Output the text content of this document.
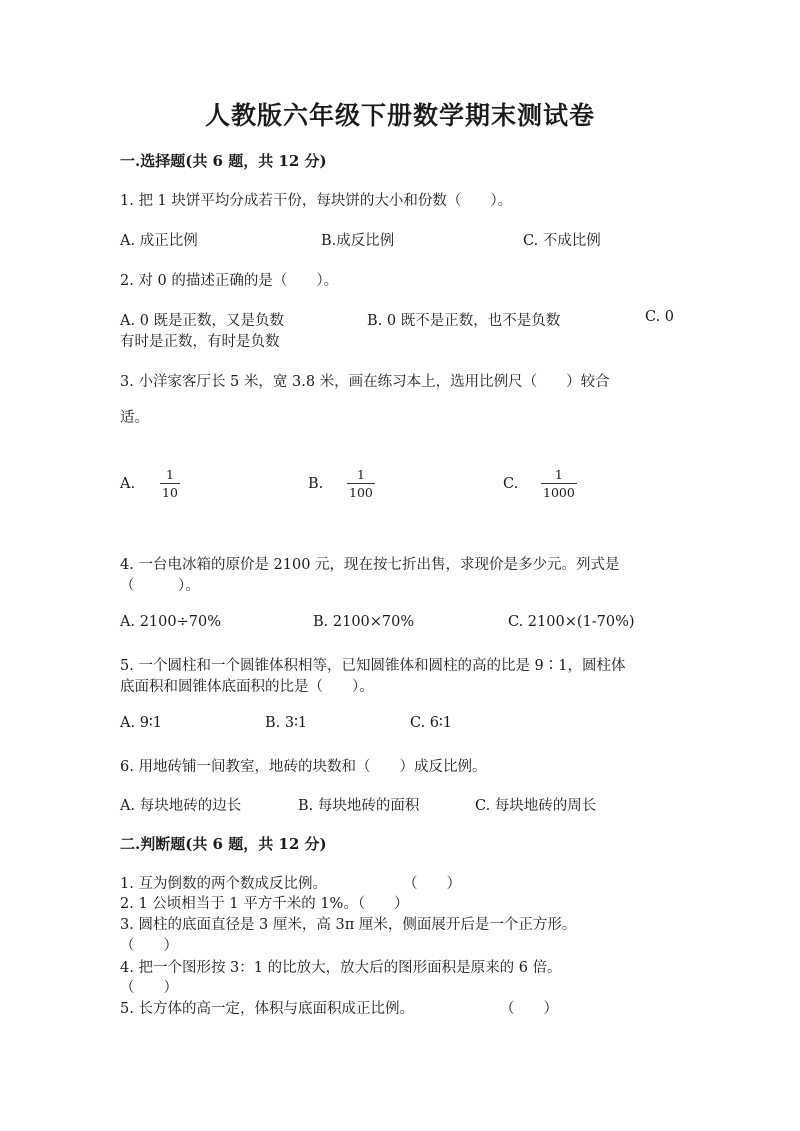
人教版六年级下册数学期末测试卷
一.选择题(共 6 题，共 12 分)
1. 把 1 块饼平均分成若干份，每块饼的大小和份数（　　）。
A. 成正比例	B.成反比例	C. 不成比例
2. 对 0 的描述正确的是（　　）。
A. 0 既是正数，又是负数	B. 0 既不是正数，也不是负数	C. 0
有时是正数，有时是负数
3. 小洋家客厅长 5 米，宽 3.8 米，画在练习本上，选用比例尺（　　）较合
适。
A.
1
10
B.
1
100
C.
1
1000
4. 一台电冰箱的原价是 2100 元，现在按七折出售，求现价是多少元。列式是
（　　　）。
A. 2100÷70%	B. 2100×70%	C. 2100×(1-70%)
5. 一个圆柱和一个圆锥体积相等，已知圆锥体和圆柱的高的比是 9∶1，圆柱体
底面积和圆锥体底面积的比是（　　）。
A. 9∶1	B. 3∶1	C. 6∶1
6. 用地砖铺一间教室，地砖的块数和（　　）成反比例。
A. 每块地砖的边长	B. 每块地砖的面积	C. 每块地砖的周长
二.判断题(共 6 题，共 12 分)
1. 互为倒数的两个数成反比例。	（　　）
2. 1 公顷相当于 1 平方千米的 1%。（　　）
3. 圆柱的底面直径是 3 厘米，高 3π 厘米，侧面展开后是一个正方形。
（　　）
4. 把一个图形按 3：1 的比放大，放大后的图形面积是原来的 6 倍。
（　　）
5. 长方体的高一定，体积与底面积成正比例。	（　　）
